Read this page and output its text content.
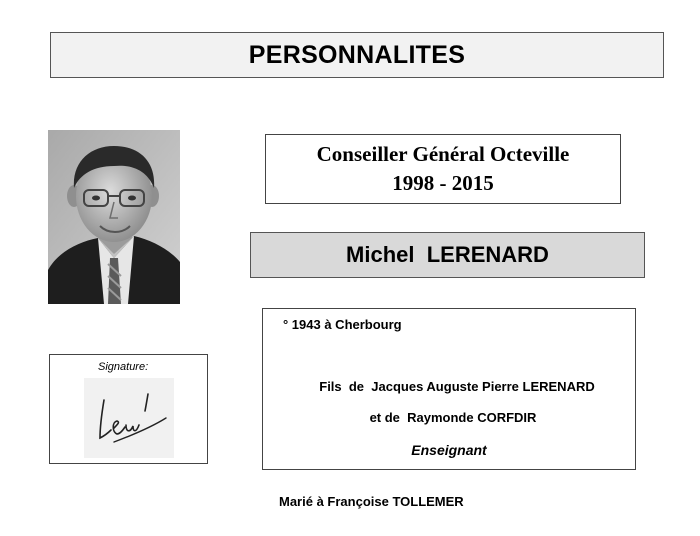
PERSONNALITES
Conseiller Général Octeville
1998 - 2015
Michel  LERENARD
° 1943 à Cherbourg
Fils  de  Jacques Auguste Pierre LERENARD
et de  Raymonde CORFDIR
Enseignant
Signature:
Marié à Françoise TOLLEMER
